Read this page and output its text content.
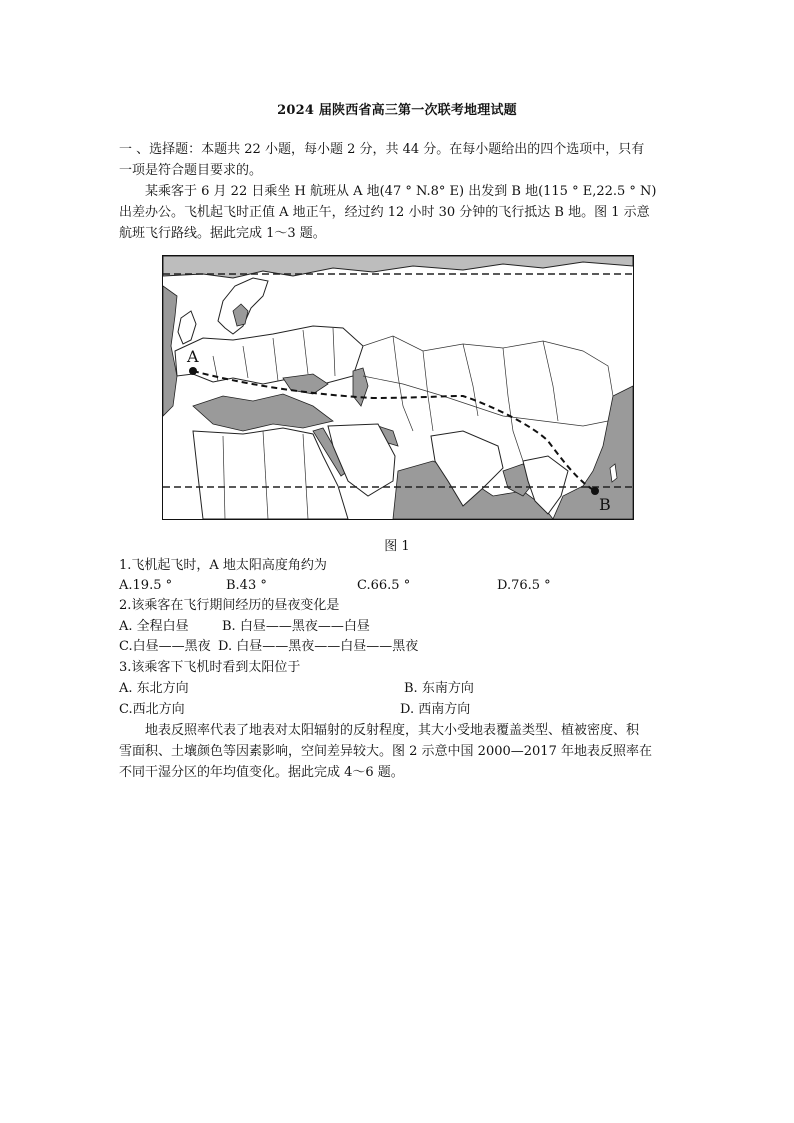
2024 届陕西省高三第一次联考地理试题
一 、选择题：本题共 22 小题，每小题 2 分，共 44 分。在每小题给出的四个选项中，只有
一项是符合题目要求的。
某乘客于 6 月 22 日乘坐 H 航班从 A 地(47 ° N.8° E) 出发到 B 地(115 ° E,22.5 ° N)
出差办公。飞机起飞时正值 A 地正午，经过约 12 小时 30 分钟的飞行抵达 B 地。图 1 示意
航班飞行路线。据此完成 1～3 题。
A
B
图 1
1.飞机起飞时，A 地太阳高度角约为
A.19.5 °	B.43 °	C.66.5 °	D.76.5 °
2.该乘客在飞行期间经历的昼夜变化是
A. 全程白昼	B. 白昼——黑夜——白昼
C.白昼——黑夜 D. 白昼——黑夜——白昼——黑夜
3.该乘客下飞机时看到太阳位于
A. 东北方向	B. 东南方向
C.西北方向	D. 西南方向
地表反照率代表了地表对太阳辐射的反射程度，其大小受地表覆盖类型、植被密度、积
雪面积、土壤颜色等因素影响，空间差异较大。图 2 示意中国 2000—2017 年地表反照率在
不同干湿分区的年均值变化。据此完成 4～6 题。
